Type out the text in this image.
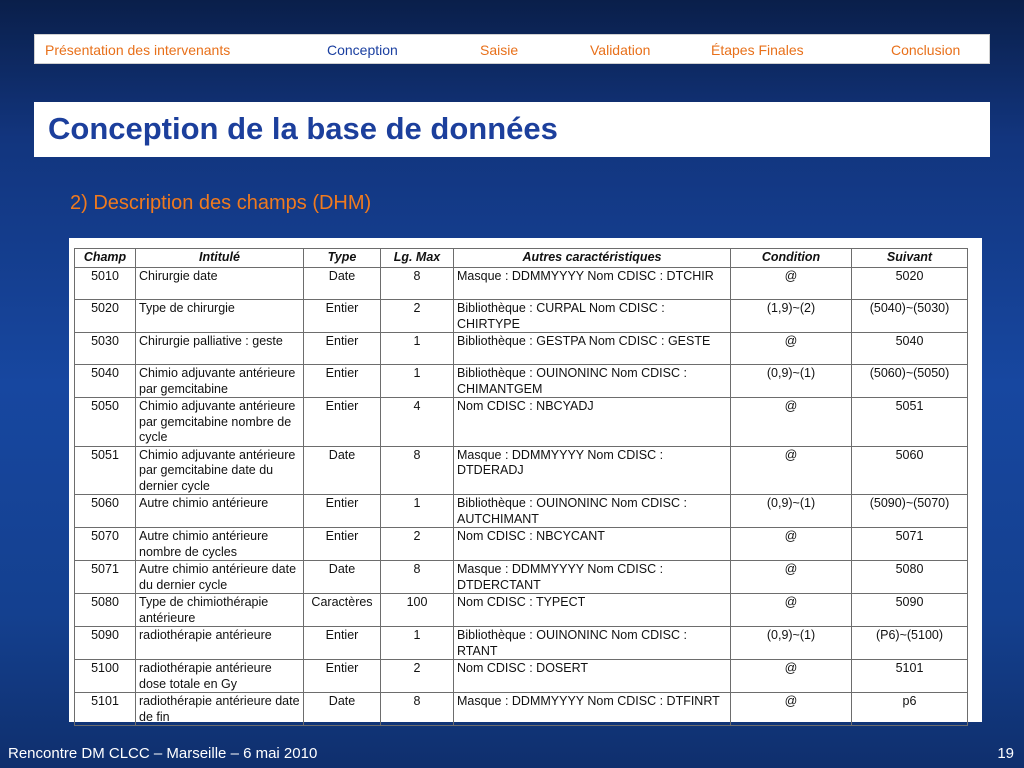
Présentation des intervenants	Conception	Saisie	Validation	Étapes Finales	Conclusion
Conception de la base de données
2) Description des champs (DHM)
Champ	Intitulé	Type	Lg. Max	Autres caractéristiques	Condition	Suivant
5010	Chirurgie date	Date	8	Masque : DDMMYYYY Nom CDISC : DTCHIR	@	5020
5020	Type de chirurgie	Entier	2	Bibliothèque : CURPAL Nom CDISC : CHIRTYPE	(1,9)~(2)	(5040)~(5030)
5030	Chirurgie palliative : geste	Entier	1	Bibliothèque : GESTPA Nom CDISC : GESTE	@	5040
5040	Chimio adjuvante antérieure par gemcitabine	Entier	1	Bibliothèque : OUINONINC Nom CDISC : CHIMANTGEM	(0,9)~(1)	(5060)~(5050)
5050	Chimio adjuvante antérieure par gemcitabine nombre de cycle	Entier	4	Nom CDISC : NBCYADJ	@	5051
5051	Chimio adjuvante antérieure par gemcitabine date du dernier cycle	Date	8	Masque : DDMMYYYY Nom CDISC : DTDERADJ	@	5060
5060	Autre chimio antérieure	Entier	1	Bibliothèque : OUINONINC Nom CDISC : AUTCHIMANT	(0,9)~(1)	(5090)~(5070)
5070	Autre chimio antérieure nombre de cycles	Entier	2	Nom CDISC : NBCYCANT	@	5071
5071	Autre chimio antérieure date du dernier cycle	Date	8	Masque : DDMMYYYY Nom CDISC : DTDERCTANT	@	5080
5080	Type de chimiothérapie antérieure	Caractères	100	Nom CDISC : TYPECT	@	5090
5090	radiothérapie antérieure	Entier	1	Bibliothèque : OUINONINC Nom CDISC : RTANT	(0,9)~(1)	(P6)~(5100)
5100	radiothérapie antérieure dose totale en Gy	Entier	2	Nom CDISC : DOSERT	@	5101
5101	radiothérapie antérieure date de fin	Date	8	Masque : DDMMYYYY Nom CDISC : DTFINRT	@	p6
Rencontre DM CLCC – Marseille – 6 mai 2010	19
